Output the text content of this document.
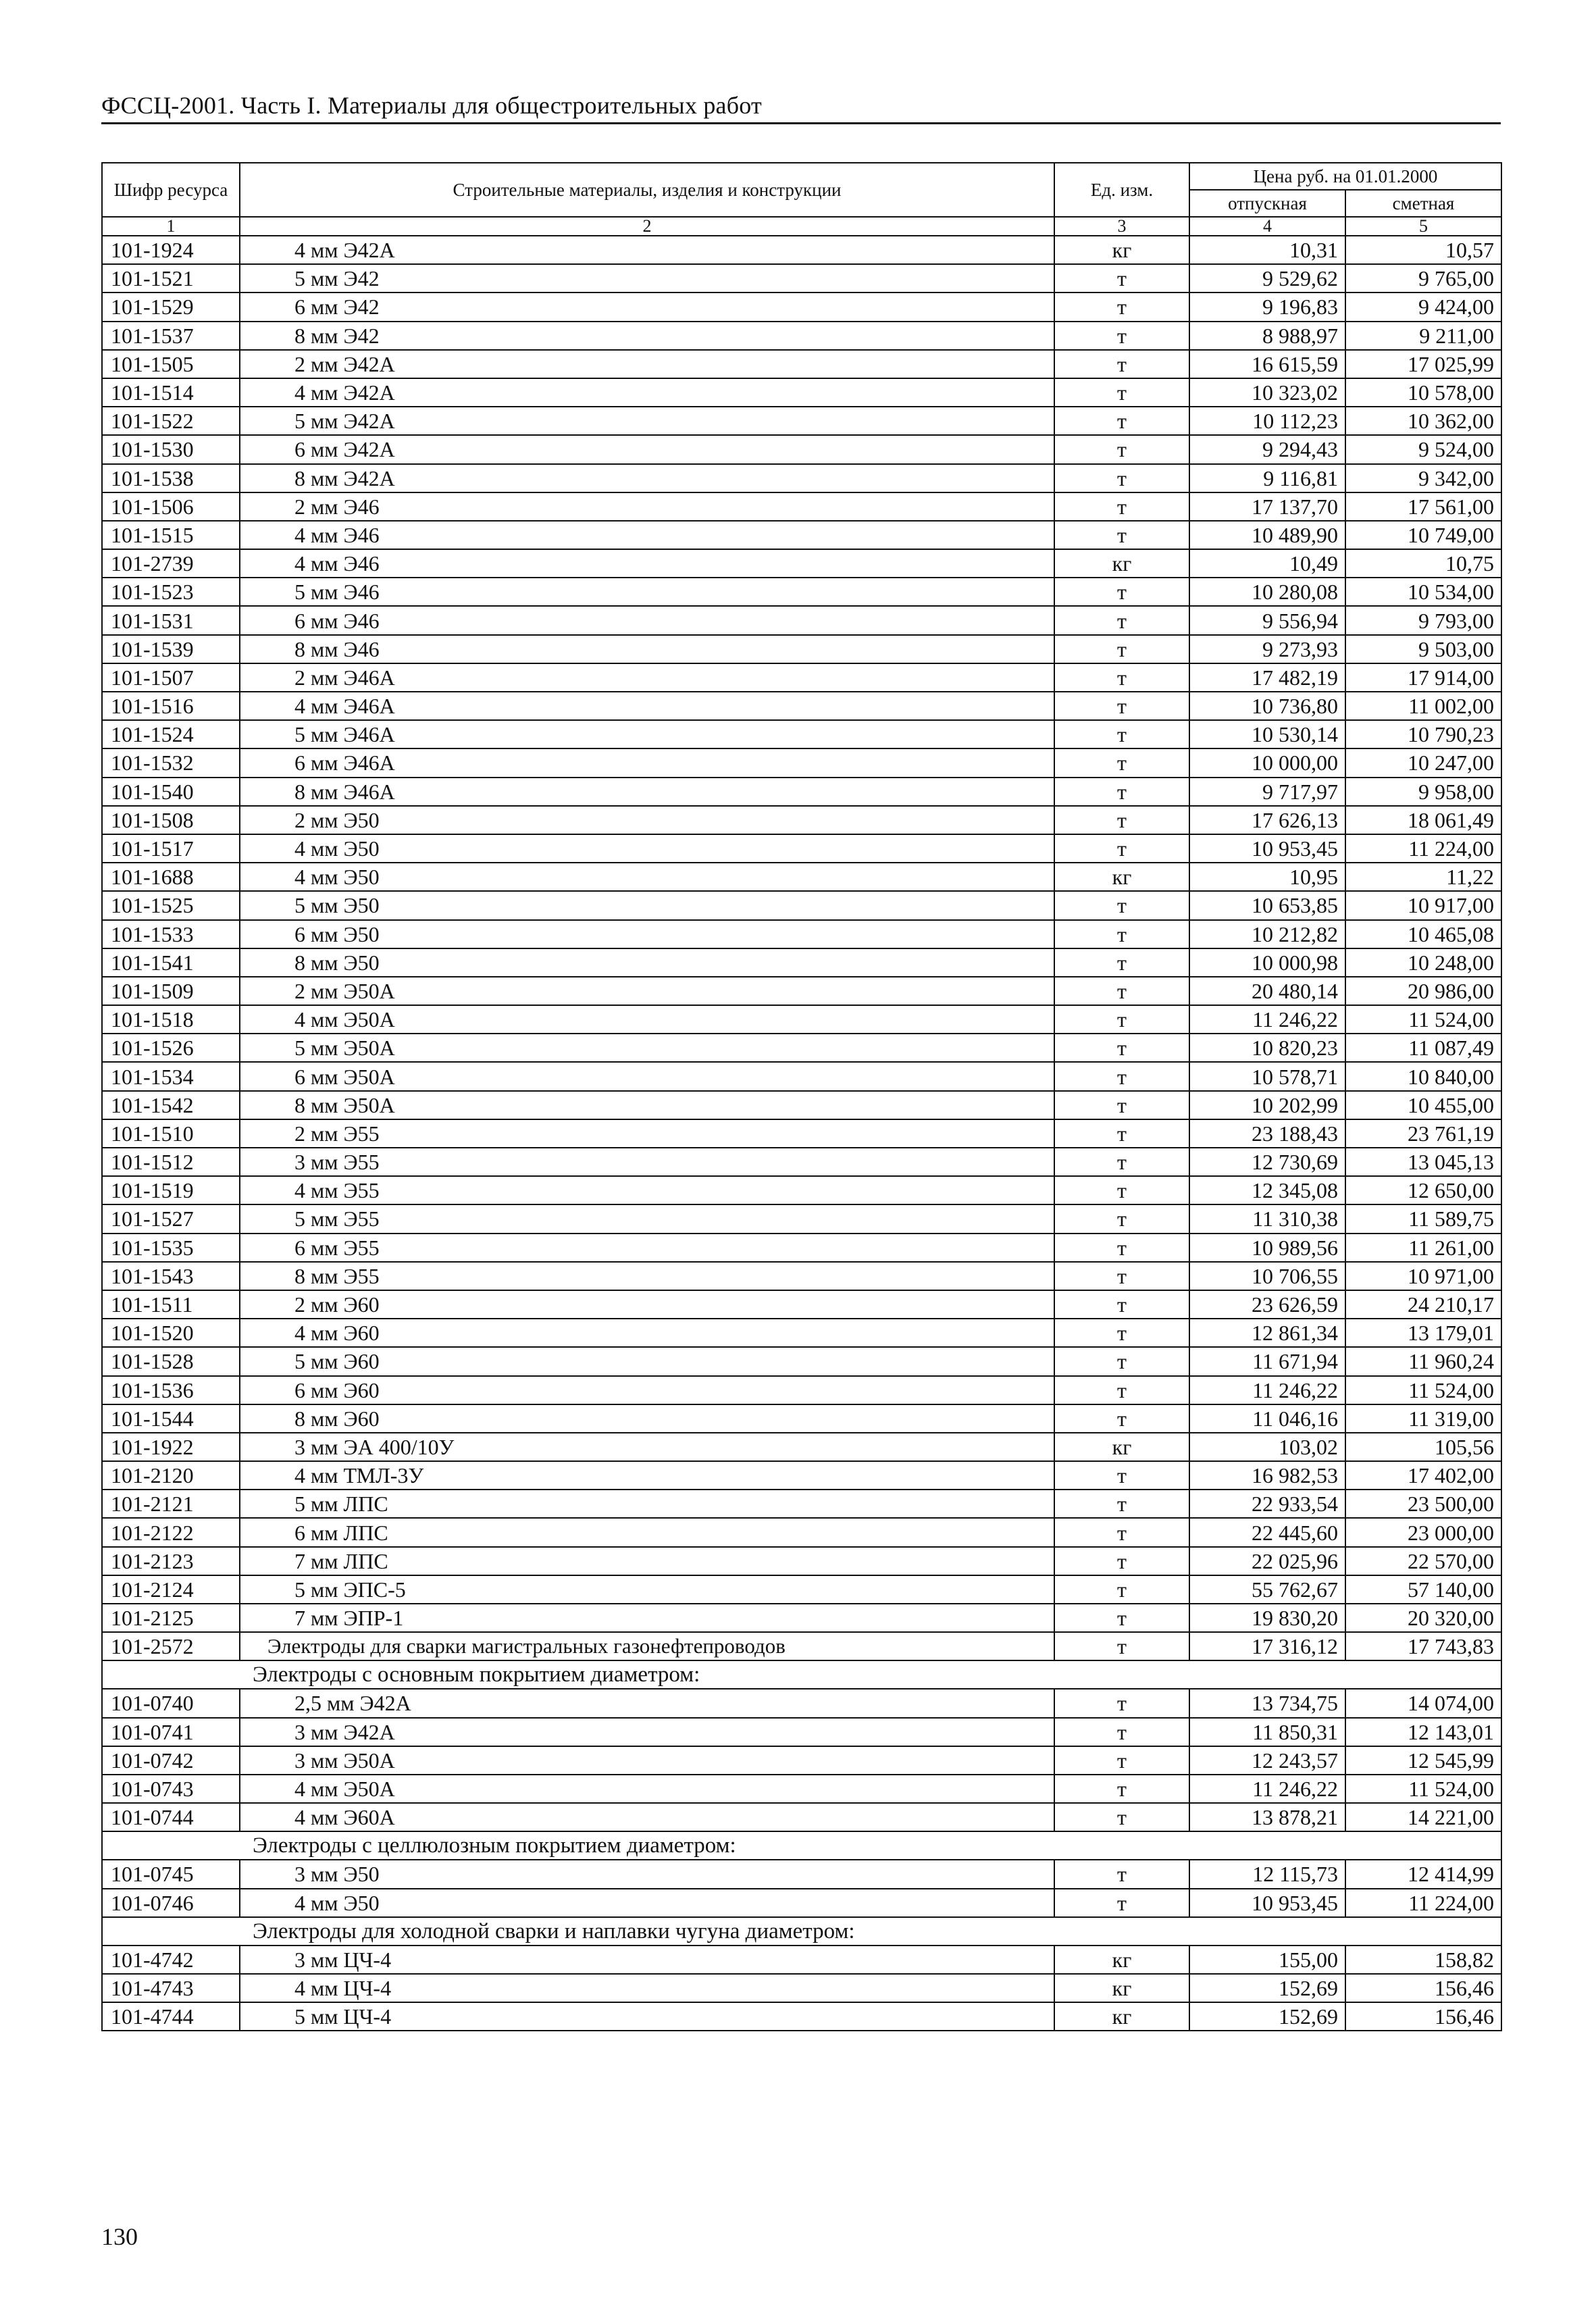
ФССЦ-2001. Часть I. Материалы для общестроительных работ
Шифр ресурса	Строительные материалы, изделия и конструкции	Ед. изм.	Цена руб. на 01.01.2000	
			отпускная	сметная
1	2	3	4	5
101-1924	4 мм Э42А	кг	10,31	10,57
101-1521	5 мм Э42	т	9 529,62	9 765,00
101-1529	6 мм Э42	т	9 196,83	9 424,00
101-1537	8 мм Э42	т	8 988,97	9 211,00
101-1505	2 мм Э42А	т	16 615,59	17 025,99
101-1514	4 мм Э42А	т	10 323,02	10 578,00
101-1522	5 мм Э42А	т	10 112,23	10 362,00
101-1530	6 мм Э42А	т	9 294,43	9 524,00
101-1538	8 мм Э42А	т	9 116,81	9 342,00
101-1506	2 мм Э46	т	17 137,70	17 561,00
101-1515	4 мм Э46	т	10 489,90	10 749,00
101-2739	4 мм Э46	кг	10,49	10,75
101-1523	5 мм Э46	т	10 280,08	10 534,00
101-1531	6 мм Э46	т	9 556,94	9 793,00
101-1539	8 мм Э46	т	9 273,93	9 503,00
101-1507	2 мм Э46А	т	17 482,19	17 914,00
101-1516	4 мм Э46А	т	10 736,80	11 002,00
101-1524	5 мм Э46А	т	10 530,14	10 790,23
101-1532	6 мм Э46А	т	10 000,00	10 247,00
101-1540	8 мм Э46А	т	9 717,97	9 958,00
101-1508	2 мм Э50	т	17 626,13	18 061,49
101-1517	4 мм Э50	т	10 953,45	11 224,00
101-1688	4 мм Э50	кг	10,95	11,22
101-1525	5 мм Э50	т	10 653,85	10 917,00
101-1533	6 мм Э50	т	10 212,82	10 465,08
101-1541	8 мм Э50	т	10 000,98	10 248,00
101-1509	2 мм Э50А	т	20 480,14	20 986,00
101-1518	4 мм Э50А	т	11 246,22	11 524,00
101-1526	5 мм Э50А	т	10 820,23	11 087,49
101-1534	6 мм Э50А	т	10 578,71	10 840,00
101-1542	8 мм Э50А	т	10 202,99	10 455,00
101-1510	2 мм Э55	т	23 188,43	23 761,19
101-1512	3 мм Э55	т	12 730,69	13 045,13
101-1519	4 мм Э55	т	12 345,08	12 650,00
101-1527	5 мм Э55	т	11 310,38	11 589,75
101-1535	6 мм Э55	т	10 989,56	11 261,00
101-1543	8 мм Э55	т	10 706,55	10 971,00
101-1511	2 мм Э60	т	23 626,59	24 210,17
101-1520	4 мм Э60	т	12 861,34	13 179,01
101-1528	5 мм Э60	т	11 671,94	11 960,24
101-1536	6 мм Э60	т	11 246,22	11 524,00
101-1544	8 мм Э60	т	11 046,16	11 319,00
101-1922	3 мм ЭА 400/10У	кг	103,02	105,56
101-2120	4 мм ТМЛ-3У	т	16 982,53	17 402,00
101-2121	5 мм ЛПС	т	22 933,54	23 500,00
101-2122	6 мм ЛПС	т	22 445,60	23 000,00
101-2123	7 мм ЛПС	т	22 025,96	22 570,00
101-2124	5 мм ЭПС-5	т	55 762,67	57 140,00
101-2125	7 мм ЭПР-1	т	19 830,20	20 320,00
101-2572	Электроды для сварки магистральных газонефтепроводов	т	17 316,12	17 743,83
Электроды с основным покрытием диаметром:				
101-0740	2,5 мм Э42А	т	13 734,75	14 074,00
101-0741	3 мм Э42А	т	11 850,31	12 143,01
101-0742	3 мм Э50А	т	12 243,57	12 545,99
101-0743	4 мм Э50А	т	11 246,22	11 524,00
101-0744	4 мм Э60А	т	13 878,21	14 221,00
Электроды с целлюлозным покрытием диаметром:				
101-0745	3 мм Э50	т	12 115,73	12 414,99
101-0746	4 мм Э50	т	10 953,45	11 224,00
Электроды для холодной сварки и наплавки чугуна диаметром:				
101-4742	3 мм ЦЧ-4	кг	155,00	158,82
101-4743	4 мм ЦЧ-4	кг	152,69	156,46
101-4744	5 мм ЦЧ-4	кг	152,69	156,46
130
